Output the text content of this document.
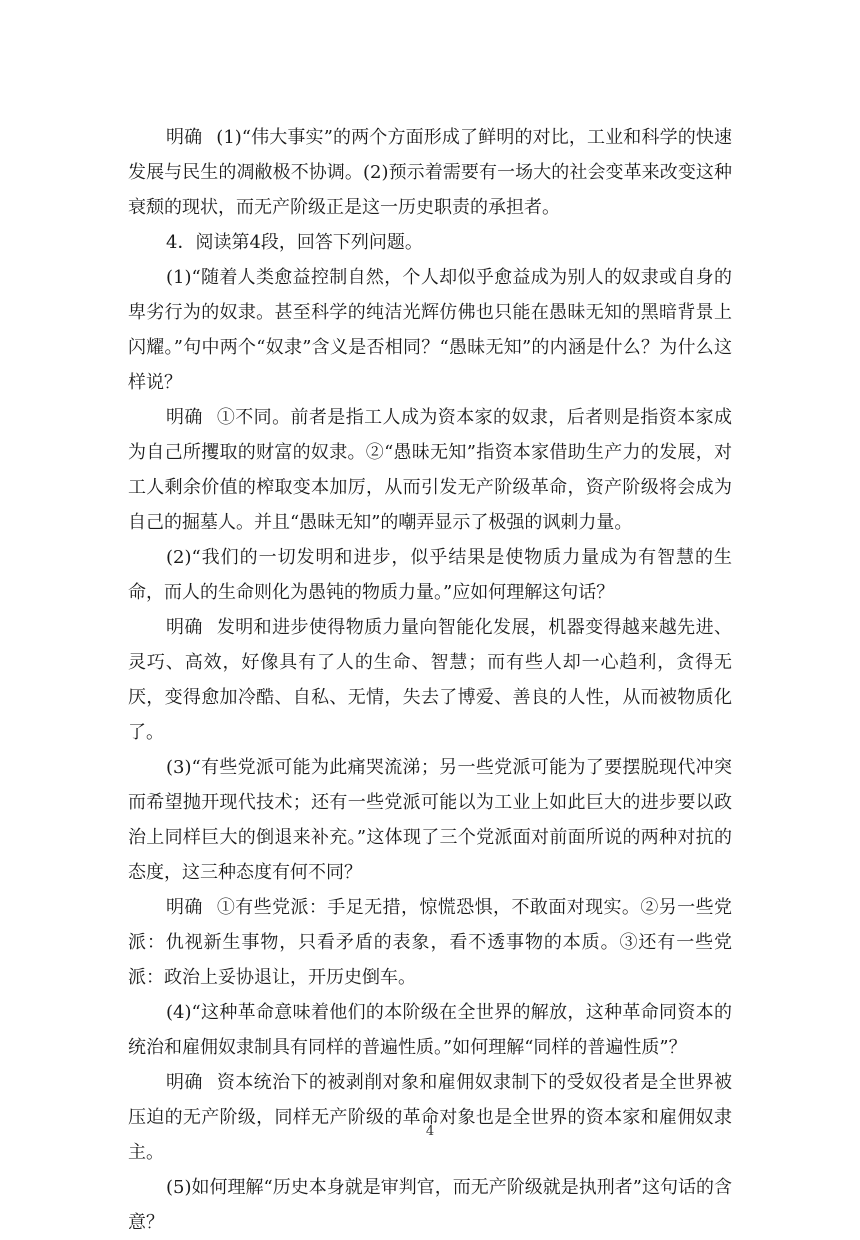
明确 (1)“伟大事实”的两个方面形成了鲜明的对比，工业和科学的快速发展与民生的凋敝极不协调。(2)预示着需要有一场大的社会变革来改变这种衰颓的现状，而无产阶级正是这一历史职责的承担者。

4．阅读第4段，回答下列问题。

(1)“随着人类愈益控制自然，个人却似乎愈益成为别人的奴隶或自身的卑劣行为的奴隶。甚至科学的纯洁光辉仿佛也只能在愚昧无知的黑暗背景上闪耀。”句中两个“奴隶”含义是否相同？“愚昧无知”的内涵是什么？为什么这样说？

明确 ①不同。前者是指工人成为资本家的奴隶，后者则是指资本家成为自己所攫取的财富的奴隶。②“愚昧无知”指资本家借助生产力的发展，对工人剩余价值的榨取变本加厉，从而引发无产阶级革命，资产阶级将会成为自己的掘墓人。并且“愚昧无知”的嘲弄显示了极强的讽刺力量。

(2)“我们的一切发明和进步，似乎结果是使物质力量成为有智慧的生命，而人的生命则化为愚钝的物质力量。”应如何理解这句话？

明确 发明和进步使得物质力量向智能化发展，机器变得越来越先进、灵巧、高效，好像具有了人的生命、智慧；而有些人却一心趋利，贪得无厌，变得愈加冷酷、自私、无情，失去了博爱、善良的人性，从而被物质化了。

(3)“有些党派可能为此痛哭流涕；另一些党派可能为了要摆脱现代冲突而希望抛开现代技术；还有一些党派可能以为工业上如此巨大的进步要以政治上同样巨大的倒退来补充。”这体现了三个党派面对前面所说的两种对抗的态度，这三种态度有何不同？

明确 ①有些党派：手足无措，惊慌恐惧，不敢面对现实。②另一些党派：仇视新生事物，只看矛盾的表象，看不透事物的本质。③还有一些党派：政治上妥协退让，开历史倒车。

(4)“这种革命意味着他们的本阶级在全世界的解放，这种革命同资本的统治和雇佣奴隶制具有同样的普遍性质。”如何理解“同样的普遍性质”？

明确 资本统治下的被剥削对象和雇佣奴隶制下的受奴役者是全世界被压迫的无产阶级，同样无产阶级的革命对象也是全世界的资本家和雇佣奴隶主。

(5)如何理解“历史本身就是审判官，而无产阶级就是执刑者”这句话的含意？

4
